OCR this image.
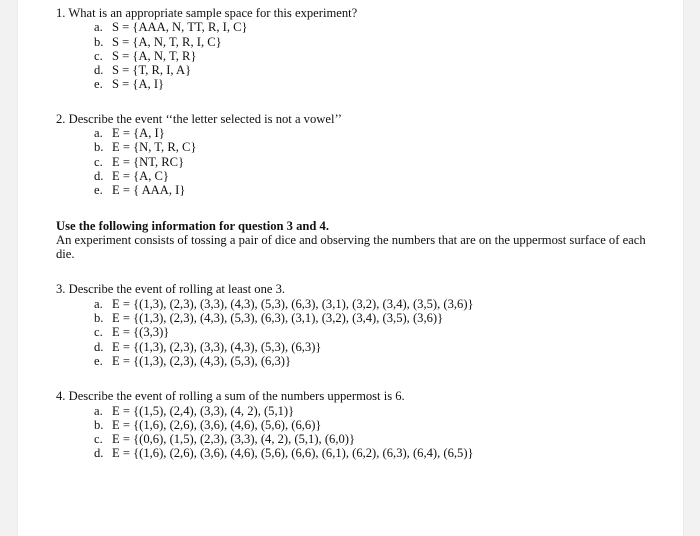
1. What is an appropriate sample space for this experiment?
a. S = {AAA, N, TT, R, I, C}
b. S = {A, N, T, R, I, C}
c. S = {A, N, T, R}
d. S = {T, R, I, A}
e. S = {A, I}
2. Describe the event ‘‘the letter selected is not a vowel’’
a. E = {A, I}
b. E = {N, T, R, C}
c. E = {NT, RC}
d. E = {A, C}
e. E = { AAA, I}
Use the following information for question 3 and 4.
An experiment consists of tossing a pair of dice and observing the numbers that are on the uppermost surface of each die.
3. Describe the event of rolling at least one 3.
a. E = {(1,3), (2,3), (3,3), (4,3), (5,3), (6,3), (3,1), (3,2), (3,4), (3,5), (3,6)}
b. E = {(1,3), (2,3), (4,3), (5,3), (6,3), (3,1), (3,2), (3,4), (3,5), (3,6)}
c. E = {(3,3)}
d. E = {(1,3), (2,3), (3,3), (4,3), (5,3), (6,3)}
e. E = {(1,3), (2,3), (4,3), (5,3), (6,3)}
4. Describe the event of rolling a sum of the numbers uppermost is 6.
a. E = {(1,5), (2,4), (3,3), (4, 2), (5,1)}
b. E = {(1,6), (2,6), (3,6), (4,6), (5,6), (6,6)}
c. E = {(0,6), (1,5), (2,3), (3,3), (4, 2), (5,1), (6,0)}
d. E = {(1,6), (2,6), (3,6), (4,6), (5,6), (6,6), (6,1), (6,2), (6,3), (6,4), (6,5)}
